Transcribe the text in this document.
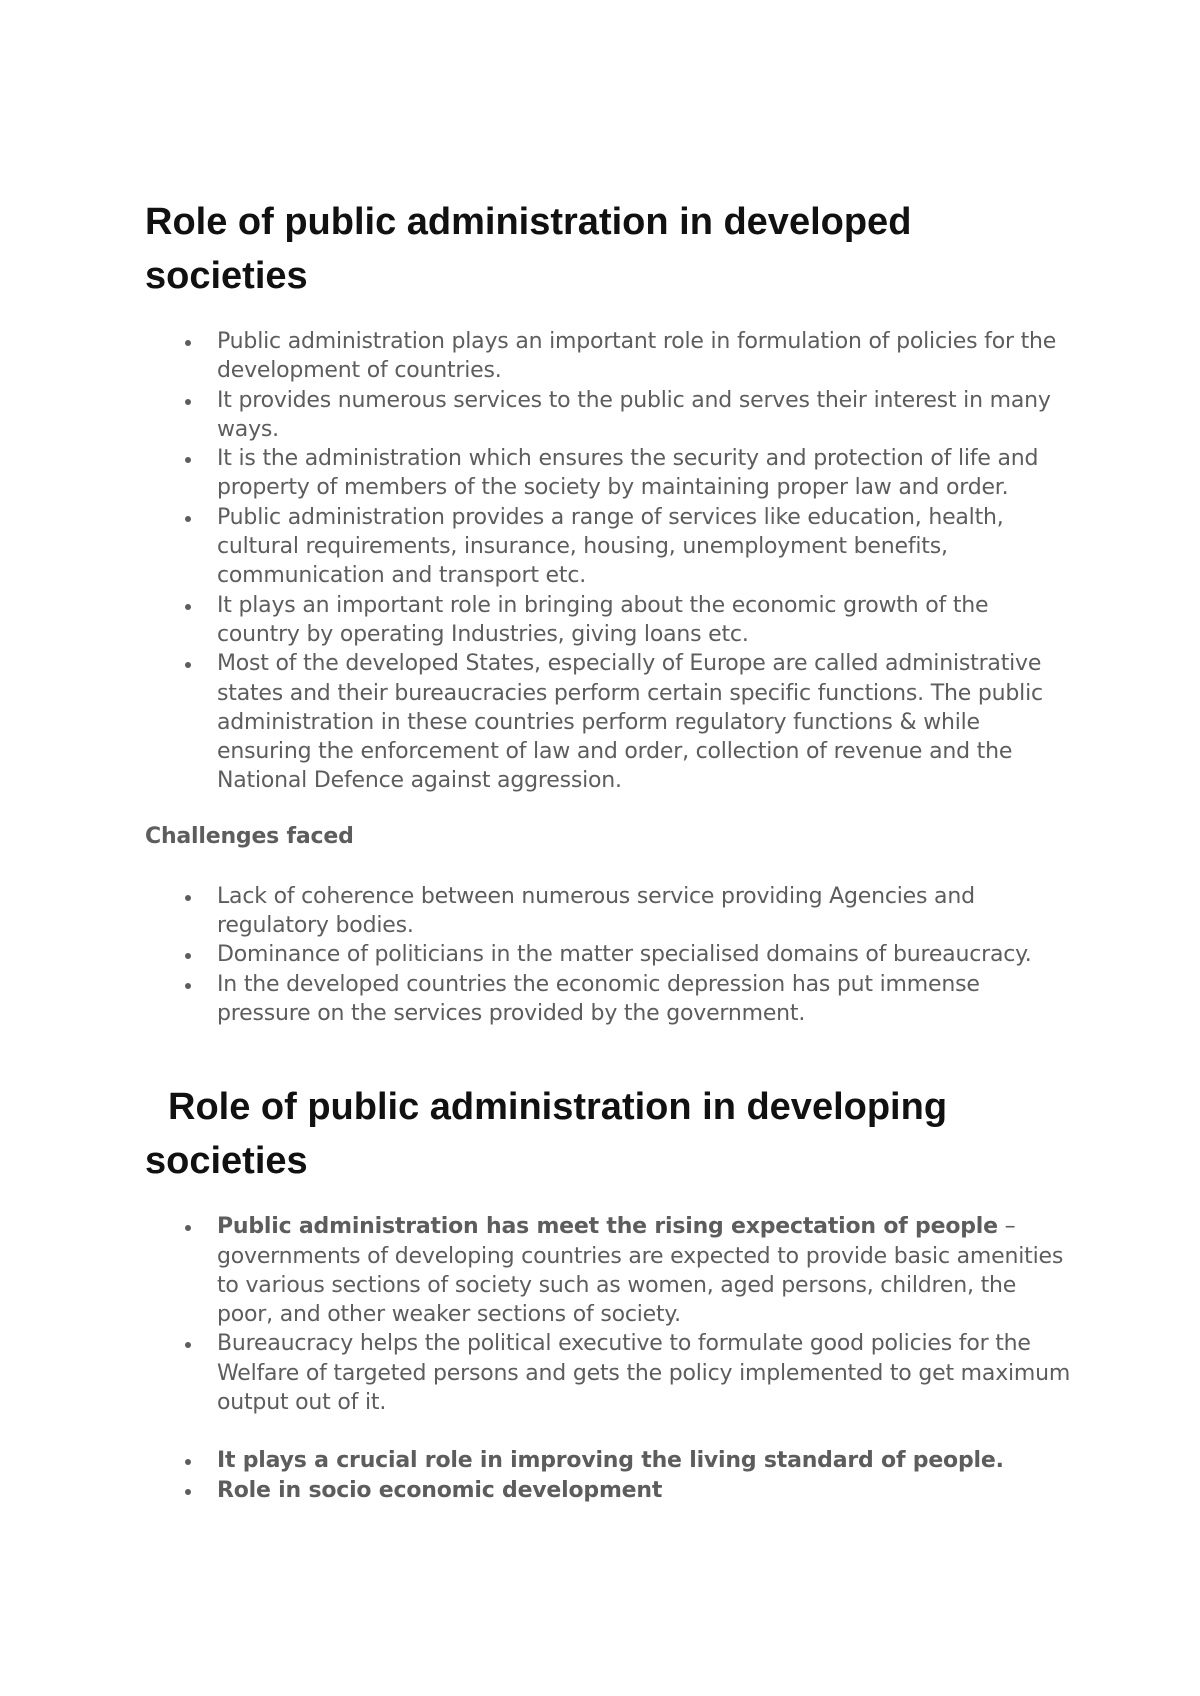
Role of public administration in developed societies
Public administration plays an important role in formulation of policies for the development of countries.
It provides numerous services to the public and serves their interest in many ways.
It is the administration which ensures the security and protection of life and property of members of the society by maintaining proper law and order.
Public administration provides a range of services like education, health, cultural requirements, insurance, housing, unemployment benefits, communication and transport etc.
It plays an important role in bringing about the economic growth of the country by operating Industries, giving loans etc.
Most of the developed States, especially of Europe are called administrative states and their bureaucracies perform certain specific functions. The public administration in these countries perform regulatory functions & while ensuring the enforcement of law and order, collection of revenue and the National Defence against aggression.
Challenges faced
Lack of coherence between numerous service providing Agencies and regulatory bodies.
Dominance of politicians in the matter specialised domains of bureaucracy.
In the developed countries the economic depression has put immense pressure on the services provided by the government.
Role of public administration in developing societies
Public administration has meet the rising expectation of people – governments of developing countries are expected to provide basic amenities to various sections of society such as women, aged persons, children, the poor, and other weaker sections of society.
Bureaucracy helps the political executive to formulate good policies for the Welfare of targeted persons and gets the policy implemented to get maximum output out of it.
It plays a crucial role in improving the living standard of people.
Role in socio economic development
